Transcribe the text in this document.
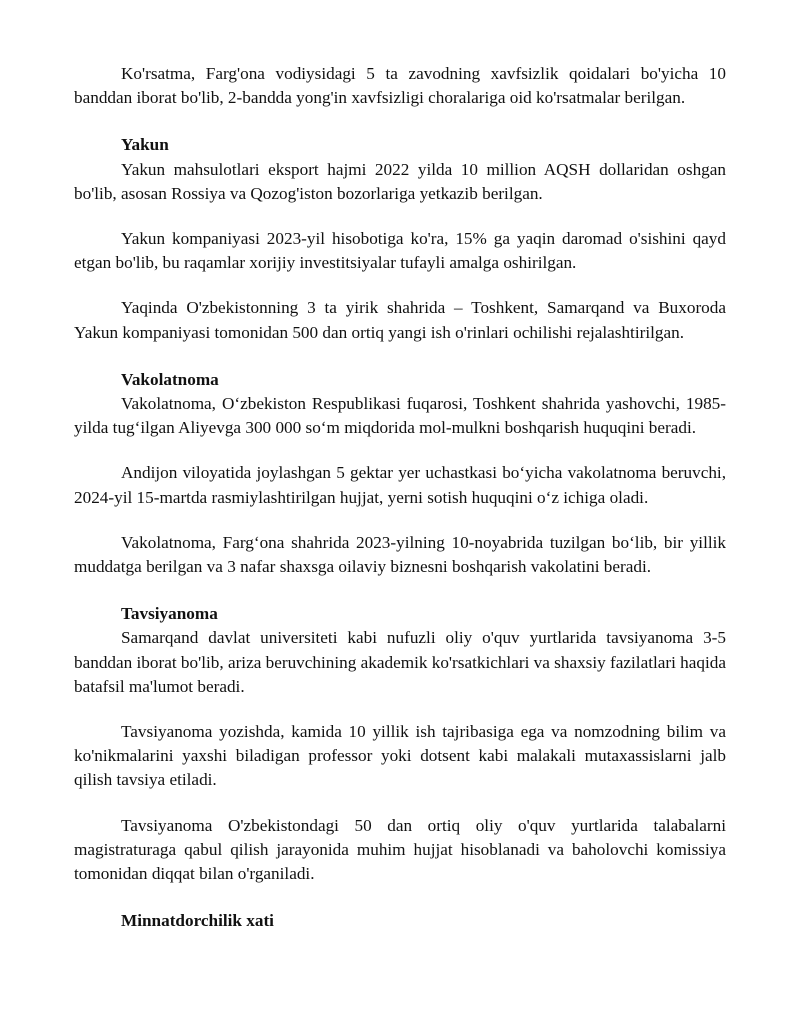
Ko'rsatma, Farg'ona vodiysidagi 5 ta zavodning xavfsizlik qoidalari bo'yicha 10 banddan iborat bo'lib, 2-bandda yong'in xavfsizligi choralariga oid ko'rsatmalar berilgan.

Yakun

Yakun mahsulotlari eksport hajmi 2022 yilda 10 million AQSH dollaridan oshgan bo'lib, asosan Rossiya va Qozog'iston bozorlariga yetkazib berilgan.

Yakun kompaniyasi 2023-yil hisobotiga ko'ra, 15% ga yaqin daromad o'sishini qayd etgan bo'lib, bu raqamlar xorijiy investitsiyalar tufayli amalga oshirilgan.

Yaqinda O'zbekistonning 3 ta yirik shahrida – Toshkent, Samarqand va Buxoroda Yakun kompaniyasi tomonidan 500 dan ortiq yangi ish o'rinlari ochilishi rejalashtirilgan.

Vakolatnoma

Vakolatnoma, O‘zbekiston Respublikasi fuqarosi, Toshkent shahrida yashovchi, 1985-yilda tug‘ilgan Aliyevga 300 000 so‘m miqdorida mol-mulkni boshqarish huquqini beradi.

Andijon viloyatida joylashgan 5 gektar yer uchastkasi bo‘yicha vakolatnoma beruvchi, 2024-yil 15-martda rasmiylashtirilgan hujjat, yerni sotish huquqini o‘z ichiga oladi.

Vakolatnoma, Farg‘ona shahrida 2023-yilning 10-noyabrida tuzilgan bo‘lib, bir yillik muddatga berilgan va 3 nafar shaxsga oilaviy biznesni boshqarish vakolatini beradi.

Tavsiyanoma

Samarqand davlat universiteti kabi nufuzli oliy o'quv yurtlarida tavsiyanoma 3-5 banddan iborat bo'lib, ariza beruvchining akademik ko'rsatkichlari va shaxsiy fazilatlari haqida batafsil ma'lumot beradi.

Tavsiyanoma yozishda, kamida 10 yillik ish tajribasiga ega va nomzodning bilim va ko'nikmalarini yaxshi biladigan professor yoki dotsent kabi malakali mutaxassislarni jalb qilish tavsiya etiladi.

Tavsiyanoma O'zbekistondagi 50 dan ortiq oliy o'quv yurtlarida talabalarni magistraturaga qabul qilish jarayonida muhim hujjat hisoblanadi va baholovchi komissiya tomonidan diqqat bilan o'rganiladi.

Minnatdorchilik xati
